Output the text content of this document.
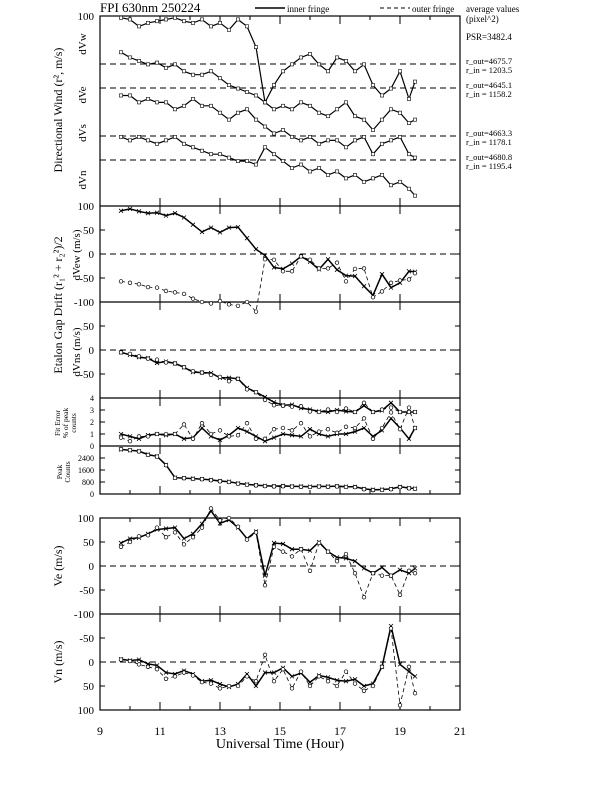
100
100
50
0
-50
-100
50
0
-50
4
3
2
1
0
2400
1600
800
0
100
50
0
-50
-100
-50
0
50
100
9	11	13	15	17	19	21
FPI 630nm 250224	inner fringe	outer fringe average values
(pixel^2)
PSR=3482.4
r_out=4675.7
r_in = 1203.5
r_out=4645.1
r_in = 1158.2
r_out=4663.3
r_in = 1178.1
r_out=4680.8
r_in = 1195.4
Directional Wind (r², m/s)
dVw
dVe
dVs
dVn
Etalon Gap Drift (r₁² + r₂²)/2 dVew (m/s)
dVns (m/s)
Fit Error % of peak counts
Peak Counts
Ve (m/s)
Vn (m/s)
Universal Time (Hour)
